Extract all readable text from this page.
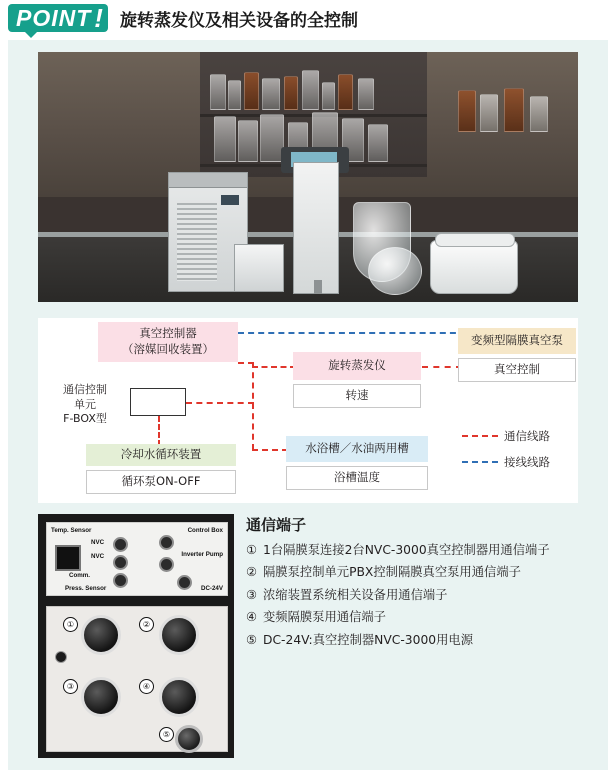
POINT ! 旋转蒸发仪及相关设备的全控制
真空控制器
（溶媒回收装置）
通信控制
单元
F-BOX型
冷却水循环装置
循环泵ON-OFF
旋转蒸发仪
转速
水浴槽／水油两用槽
浴槽温度
变频型隔膜真空泵
真空控制
通信线路
接线线路
Temp. Sensor
NVC
NVC
Control Box
Inverter Pump
Comm.
Press. Sensor	DC-24V
①	②
③	④
⑤
通信端子
① 1台隔膜泵连接2台NVC-3000真空控制器用通信端子
② 隔膜泵控制单元PBX控制隔膜真空泵用通信端子
③ 浓缩装置系统相关设备用通信端子
④ 变频隔膜泵用通信端子
⑤ DC-24V:真空控制器NVC-3000用电源
